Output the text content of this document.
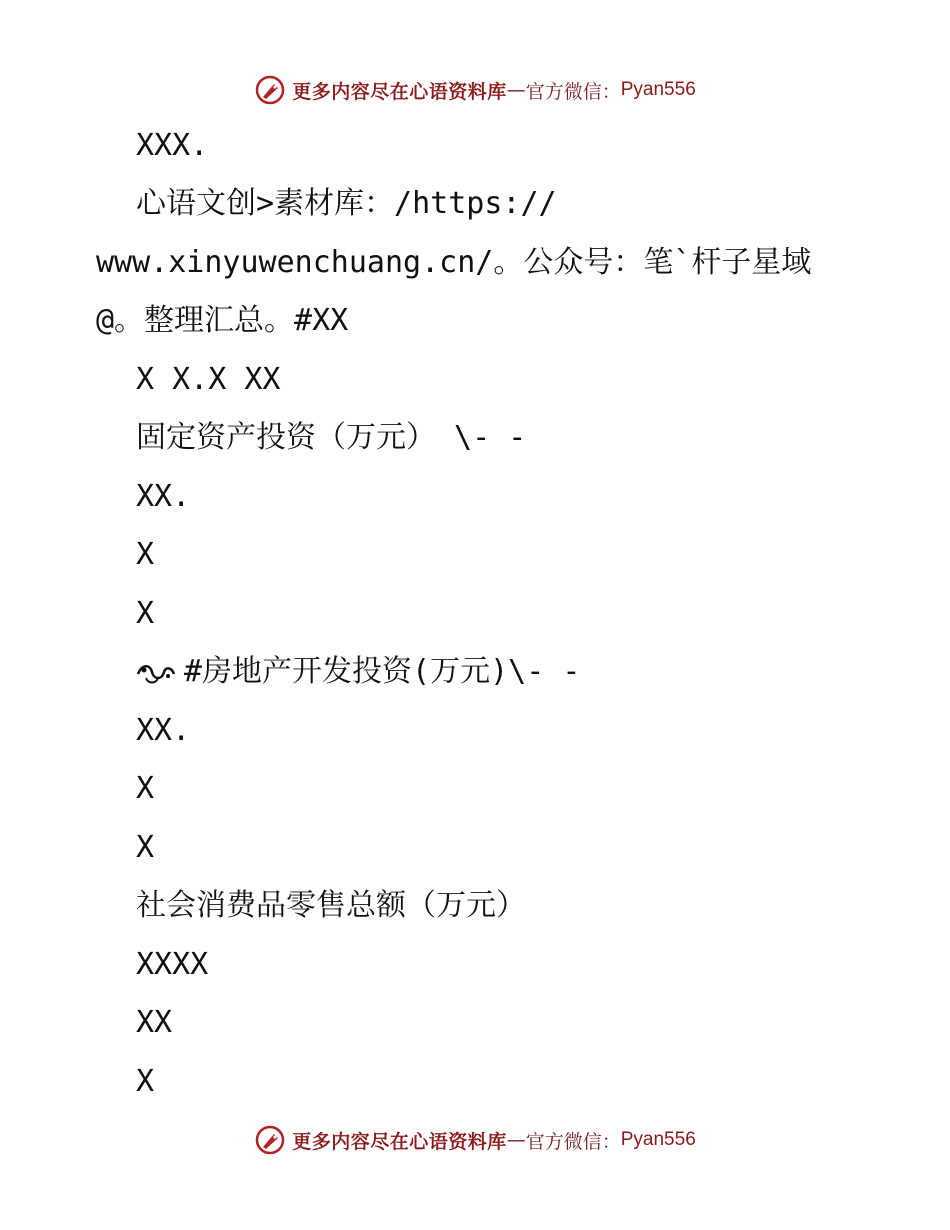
更多内容尽在心语资料库 — 官方微信： Pyan556
XXX.
心语文创>素材库：/https://
www.xinyuwenchuang.cn/。公众号：笔`杆子星域
@。整理汇总。#XX
X X.X XX
固定资产投资（万元） \- -
XX.
X
X
#房地产开发投资(万元)\- -
XX.
X
X
社会消费品零售总额（万元）
XXXX
XX
X
更多内容尽在心语资料库 — 官方微信： Pyan556
